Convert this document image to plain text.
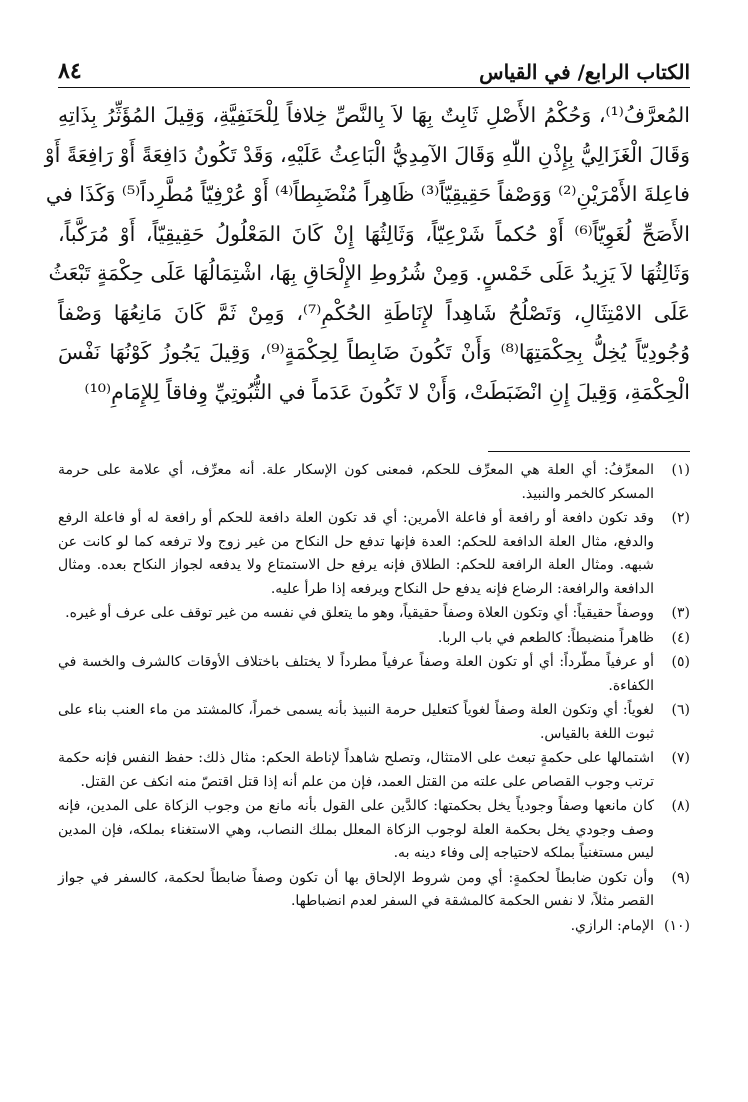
٨٤	الكتاب الرابع/ في القياس
المُعرَّفُ⁽¹⁾، وَحُكْمُ الأَصْلِ ثَابِتٌ بِهَا لاَ بِالنَّصِّ خِلافاً لِلْحَنَفِيَّةِ، وَقِيلَ المُؤَثِّرُ بِذَاتِهِ
وَقَالَ الْغَزَالِيُّ بِإِذْنِ اللّٰهِ وَقَالَ الآمِدِيُّ الْبَاعِثُ عَلَيْهِ، وَقَدْ تَكُونُ دَافِعَةً أَوْ رَافِعَةً أَوْ
فاعِلةَ الأَمْرَيْنِ⁽²⁾ وَوَصْفاً حَقِيقِيّاً⁽³⁾ ظَاهِراً مُنْضَبِطاً⁽⁴⁾ أَوْ عُرْفِيّاً مُطَّرِداً⁽⁵⁾ وَكَذَا في
الأَصَحِّ لُغَوِيّاً⁽⁶⁾ أَوْ حُكماً شَرْعِيّاً، وَثَالِثُهَا إِنْ كَانَ المَعْلُولُ حَقِيقِيّاً، أَوْ مُرَكَّباً،
وَثَالِثُهَا لاَ يَزِيدُ عَلَى خَمْسٍ. وَمِنْ شُرُوطِ الإِلْحَاقِ بِهَا، اشْتِمَالُهَا عَلَى حِكْمَةٍ تَبْعَثُ
عَلَى الامْتِثَالِ، وَتَصْلُحُ شَاهِداً لإِنَاطَةِ الحُكْمِ⁽⁷⁾، وَمِنْ ثَمَّ كَانَ مَانِعُهَا وَصْفاً
وُجُودِيّاً يُخِلُّ بِحِكْمَتِهَا⁽⁸⁾ وَأَنْ تَكُونَ ضَابِطاً لِحِكْمَةٍ⁽⁹⁾، وَقِيلَ يَجُوزُ كَوْنُهَا نَفْسَ
الْحِكْمَةِ، وَقِيلَ إِنِ انْضَبَطَتْ، وَأَنْ لا تَكُونَ عَدَماً في الثُّبُوتِيِّ وِفاقاً لِلإِمَامِ⁽¹⁰⁾
(١)
المعرِّفُ: أي العلة هي المعرِّف للحكم، فمعنى كون الإسكار علة. أنه معرِّف، أي علامة على حرمة المسكر كالخمر والنبيذ.
(٢)
وقد تكون دافعة أو رافعة أو فاعلة الأمرين: أي قد تكون العلة دافعة للحكم أو رافعة له أو فاعلة الرفع والدفع، مثال العلة الدافعة للحكم: العدة فإنها تدفع حل النكاح من غير زوج ولا ترفعه كما لو كانت عن شبهه. ومثال العلة الرافعة للحكم: الطلاق فإنه يرفع حل الاستمتاع ولا يدفعه لجواز النكاح بعده. ومثال الدافعة والرافعة: الرضاع فإنه يدفع حل النكاح ويرفعه إذا طرأ عليه.
(٣)
ووصفاً حقيقياً: أي وتكون العلاة وصفاً حقيقياً، وهو ما يتعلق في نفسه من غير توقف على عرف أو غيره.
(٤)
ظاهراً منضبطاً: كالطعم في باب الربا.
(٥)
أو عرفياً مطّرداً: أي أو تكون العلة وصفاً عرفياً مطرداً لا يختلف باختلاف الأوقات كالشرف والخسة في الكفاءة.
(٦)
لغوياً: أي وتكون العلة وصفاً لغوياً كتعليل حرمة النبيذ بأنه يسمى خمراً، كالمشتد من ماء العنب بناء على ثبوت اللغة بالقياس.
(٧)
اشتمالها على حكمةٍ تبعث على الامتثال، وتصلح شاهداً لإناطة الحكم: مثال ذلك: حفظ النفس فإنه حكمة ترتب وجوب القصاص على علته من القتل العمد، فإن من علم أنه إذا قتل اقتصّ منه انكف عن القتل.
(٨)
كان مانعها وصفاً وجودياً يخل بحكمتها: كالدَّين على القول بأنه مانع من وجوب الزكاة على المدين، فإنه وصف وجودي يخل بحكمة العلة لوجوب الزكاة المعلل بملك النصاب، وهي الاستغناء بملكه، فإن المدين ليس مستغنياً بملكه لاحتياجه إلى وفاء دينه به.
(٩)
وأن تكون ضابطاً لحكمةٍ: أي ومن شروط الإلحاق بها أن تكون وصفاً ضابطاً لحكمة، كالسفر في جواز القصر مثلاً، لا نفس الحكمة كالمشقة في السفر لعدم انضباطها.
(١٠)
الإمام: الرازي.
